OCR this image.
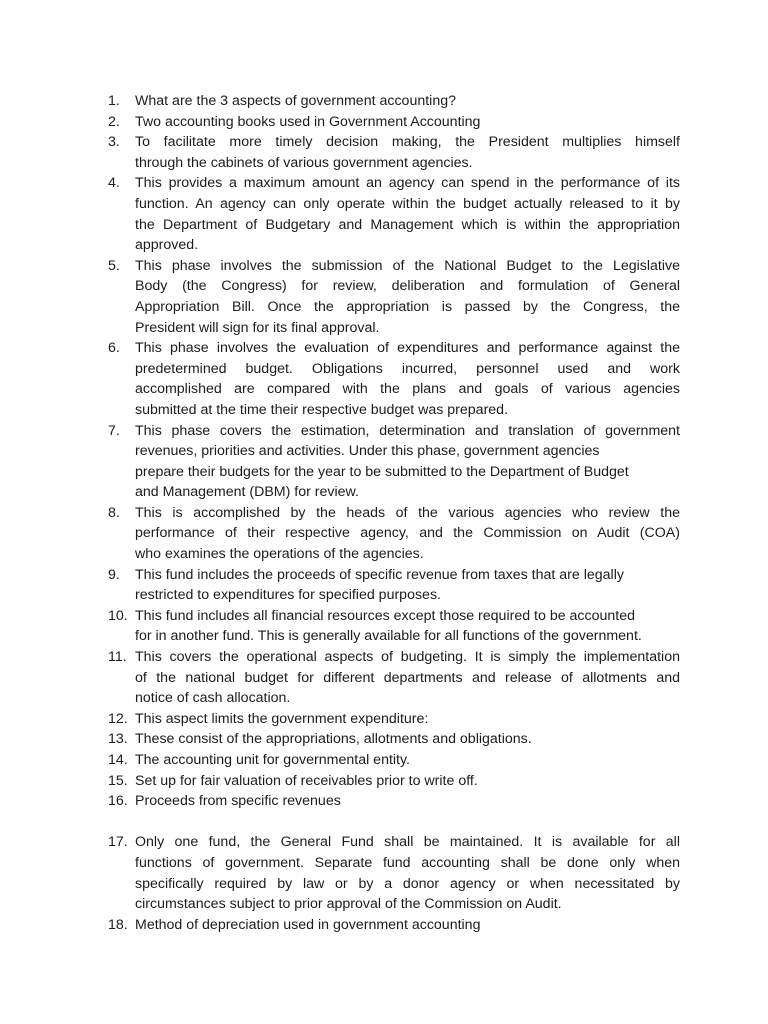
1. What are the 3 aspects of government accounting?
2. Two accounting books used in Government Accounting
3. To facilitate more timely decision making, the President multiplies himself
through the cabinets of various government agencies.
4. This provides a maximum amount an agency can spend in the performance of its
function. An agency can only operate within the budget actually released to it by
the Department of Budgetary and Management which is within the appropriation
approved.
5. This phase involves the submission of the National Budget to the Legislative
Body (the Congress) for review, deliberation and formulation of General
Appropriation Bill. Once the appropriation is passed by the Congress, the
President will sign for its final approval.
6. This phase involves the evaluation of expenditures and performance against the
predetermined budget. Obligations incurred, personnel used and work
accomplished are compared with the plans and goals of various agencies
submitted at the time their respective budget was prepared.
7. This phase covers the estimation, determination and translation of government
revenues, priorities and activities. Under this phase, government agencies
prepare their budgets for the year to be submitted to the Department of Budget
and Management (DBM) for review.
8. This is accomplished by the heads of the various agencies who review the
performance of their respective agency, and the Commission on Audit (COA)
who examines the operations of the agencies.
9. This fund includes the proceeds of specific revenue from taxes that are legally
restricted to expenditures for specified purposes.
10. This fund includes all financial resources except those required to be accounted
for in another fund. This is generally available for all functions of the government.
11. This covers the operational aspects of budgeting. It is simply the implementation
of the national budget for different departments and release of allotments and
notice of cash allocation.
12. This aspect limits the government expenditure:
13. These consist of the appropriations, allotments and obligations.
14. The accounting unit for governmental entity.
15. Set up for fair valuation of receivables prior to write off.
16. Proceeds from specific revenues
17. Only one fund, the General Fund shall be maintained. It is available for all
functions of government. Separate fund accounting shall be done only when
specifically required by law or by a donor agency or when necessitated by
circumstances subject to prior approval of the Commission on Audit.
18. Method of depreciation used in government accounting
